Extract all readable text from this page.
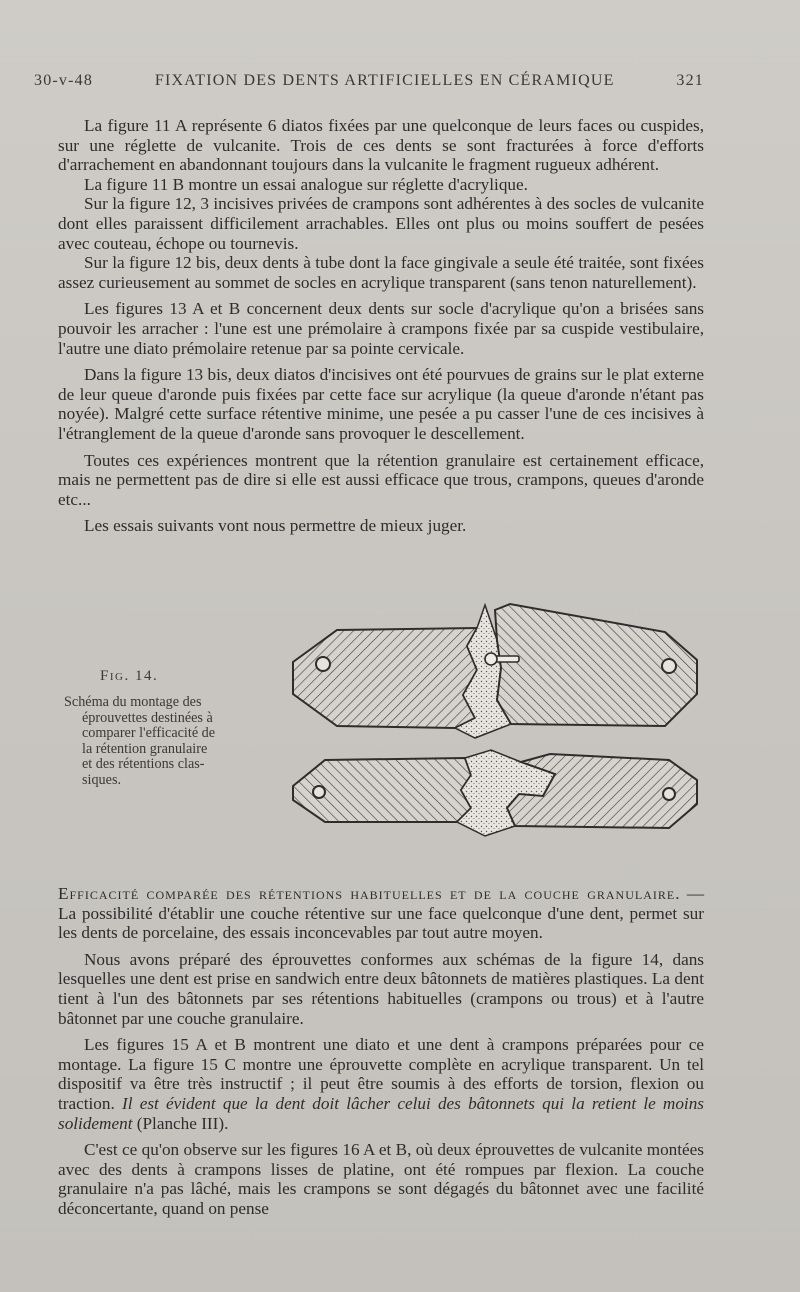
30-v-48	FIXATION DES DENTS ARTIFICIELLES EN CÉRAMIQUE	321

La figure 11 A représente 6 diatos fixées par une quelconque de leurs faces ou cuspides, sur une réglette de vulcanite. Trois de ces dents se sont fracturées à force d'efforts d'arrachement en abandonnant toujours dans la vulcanite le fragment rugueux adhérent.

La figure 11 B montre un essai analogue sur réglette d'acrylique.

Sur la figure 12, 3 incisives privées de crampons sont adhérentes à des socles de vulcanite dont elles paraissent difficilement arrachables. Elles ont plus ou moins souffert de pesées avec couteau, échope ou tournevis.

Sur la figure 12 bis, deux dents à tube dont la face gingivale a seule été traitée, sont fixées assez curieusement au sommet de socles en acrylique transparent (sans tenon naturellement).

Les figures 13 A et B concernent deux dents sur socle d'acrylique qu'on a brisées sans pouvoir les arracher : l'une est une prémolaire à crampons fixée par sa cuspide vestibulaire, l'autre une diato prémolaire retenue par sa pointe cervicale.

Dans la figure 13 bis, deux diatos d'incisives ont été pourvues de grains sur le plat externe de leur queue d'aronde puis fixées par cette face sur acrylique (la queue d'aronde n'étant pas noyée). Malgré cette surface rétentive minime, une pesée a pu casser l'une de ces incisives à l'étranglement de la queue d'aronde sans provoquer le descellement.

Toutes ces expériences montrent que la rétention granulaire est certainement efficace, mais ne permettent pas de dire si elle est aussi efficace que trous, crampons, queues d'aronde etc...

Les essais suivants vont nous permettre de mieux juger.

Fig. 14.

Schéma du montage des
éprouvettes destinées à
comparer l'efficacité de
la rétention granulaire
et des rétentions clas-
siques.

Efficacité comparée des rétentions habituelles et de la couche granulaire. — La possibilité d'établir une couche rétentive sur une face quelconque d'une dent, permet sur les dents de porcelaine, des essais inconcevables par tout autre moyen.

Nous avons préparé des éprouvettes conformes aux schémas de la figure 14, dans lesquelles une dent est prise en sandwich entre deux bâtonnets de matières plastiques. La dent tient à l'un des bâtonnets par ses rétentions habituelles (crampons ou trous) et à l'autre bâtonnet par une couche granulaire.

Les figures 15 A et B montrent une diato et une dent à crampons préparées pour ce montage. La figure 15 C montre une éprouvette complète en acrylique transparent. Un tel dispositif va être très instructif ; il peut être soumis à des efforts de torsion, flexion ou traction. Il est évident que la dent doit lâcher celui des bâtonnets qui la retient le moins solidement (Planche III).

C'est ce qu'on observe sur les figures 16 A et B, où deux éprouvettes de vulcanite montées avec des dents à crampons lisses de platine, ont été rompues par flexion. La couche granulaire n'a pas lâché, mais les crampons se sont dégagés du bâtonnet avec une facilité déconcertante, quand on pense
